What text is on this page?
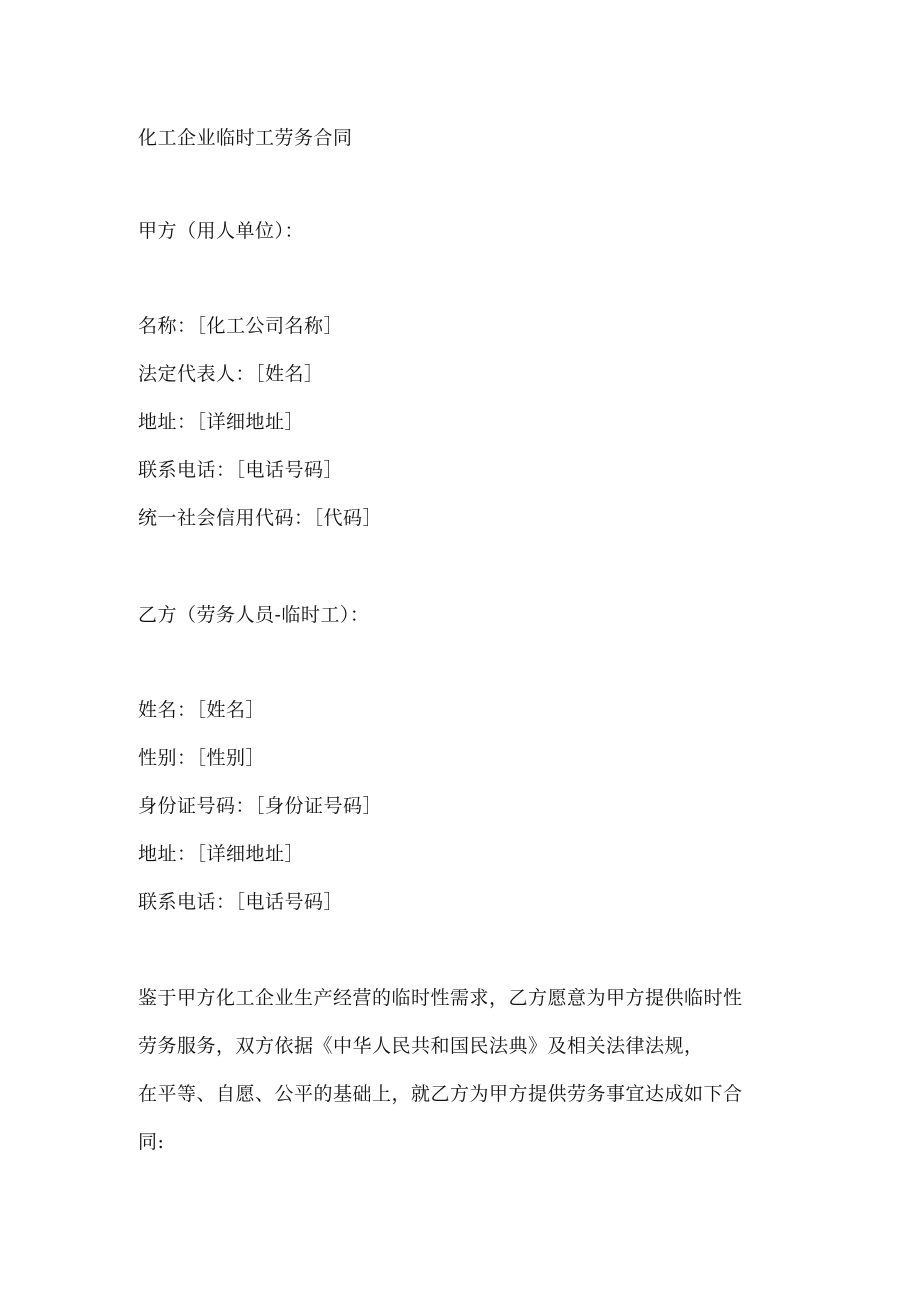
化工企业临时工劳务合同
甲方（用人单位）：
名称：［化工公司名称］
法定代表人：［姓名］
地址：［详细地址］
联系电话：［电话号码］
统一社会信用代码：［代码］
乙方（劳务人员-临时工）：
姓名：［姓名］
性别：［性别］
身份证号码：［身份证号码］
地址：［详细地址］
联系电话：［电话号码］
鉴于甲方化工企业生产经营的临时性需求，乙方愿意为甲方提供临时性
劳务服务，双方依据《中华人民共和国民法典》及相关法律法规，
在平等、自愿、公平的基础上，就乙方为甲方提供劳务事宜达成如下合
同:
